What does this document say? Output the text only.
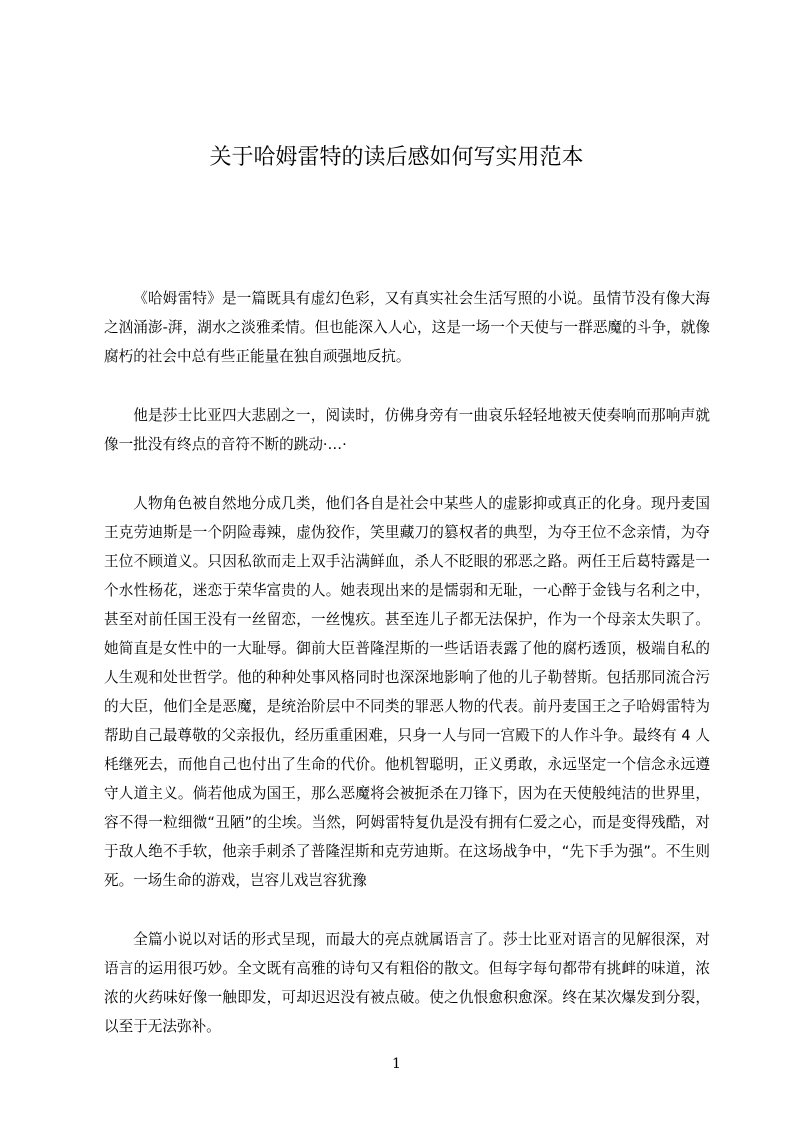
关于哈姆雷特的读后感如何写实用范本

《哈姆雷特》是一篇既具有虚幻色彩，又有真实社会生活写照的小说。虽情节没有像大海之汹涌澎-湃，湖水之淡雅柔情。但也能深入人心，这是一场一个天使与一群恶魔的斗争，就像腐朽的社会中总有些正能量在独自顽强地反抗。

他是莎士比亚四大悲剧之一，阅读时，仿佛身旁有一曲哀乐轻轻地被天使奏响而那响声就像一批没有终点的音符不断的跳动·…·

人物角色被自然地分成几类，他们各自是社会中某些人的虚影抑或真正的化身。现丹麦国王克劳迪斯是一个阴险毒辣，虚伪狡作，笑里藏刀的篡权者的典型，为夺王位不念亲情，为夺王位不顾道义。只因私欲而走上双手沾满鲜血，杀人不眨眼的邪恶之路。两任王后葛特露是一个水性杨花，迷恋于荣华富贵的人。她表现出来的是懦弱和无耻，一心醉于金钱与名利之中，甚至对前任国王没有一丝留恋，一丝愧疚。甚至连儿子都无法保护，作为一个母亲太失职了。她简直是女性中的一大耻辱。御前大臣普隆涅斯的一些话语表露了他的腐朽透顶，极端自私的人生观和处世哲学。他的种种处事风格同时也深深地影响了他的儿子勒替斯。包括那同流合污的大臣，他们全是恶魔，是统治阶层中不同类的罪恶人物的代表。前丹麦国王之子哈姆雷特为帮助自己最尊敬的父亲报仇，经历重重困难，只身一人与同一宫殿下的人作斗争。最终有 4 人枆继死去，而他自己也付出了生命的代价。他机智聪明，正义勇敢，永远坚定一个信念永远遵守人道主义。倘若他成为国王，那么恶魔将会被扼杀在刀锋下，因为在天使般纯洁的世界里，容不得一粒细微“丑陋”的尘埃。当然，阿姆雷特复仇是没有拥有仁爱之心，而是变得残酷，对于敌人绝不手软，他亲手刺杀了普隆涅斯和克劳迪斯。在这场战争中，“先下手为强”。不生则死。一场生命的游戏，岂容儿戏岂容犹豫

全篇小说以对话的形式呈现，而最大的亮点就属语言了。莎士比亚对语言的见解很深，对语言的运用很巧妙。全文既有高雅的诗句又有粗俗的散文。但每字每句都带有挑衅的味道，浓浓的火药味好像一触即发，可却迟迟没有被点破。使之仇恨愈积愈深。终在某次爆发到分裂，以至于无法弥补。

1
